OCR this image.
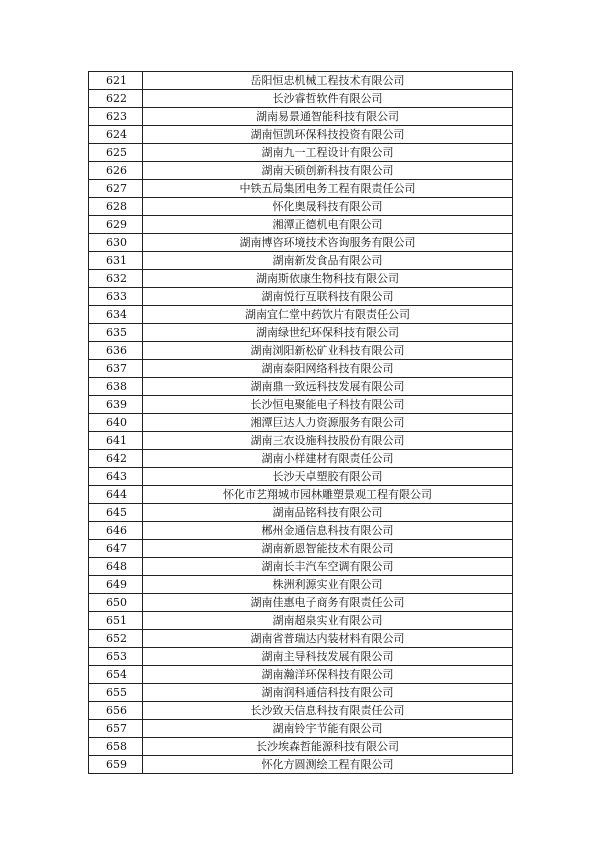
621	岳阳恒忠机械工程技术有限公司
622	长沙睿哲软件有限公司
623	湖南易景通智能科技有限公司
624	湖南恒凯环保科技投资有限公司
625	湖南九一工程设计有限公司
626	湖南天硕创新科技有限公司
627	中铁五局集团电务工程有限责任公司
628	怀化奥晟科技有限公司
629	湘潭正德机电有限公司
630	湖南博咨环境技术咨询服务有限公司
631	湖南新发食品有限公司
632	湖南斯依康生物科技有限公司
633	湖南悦行互联科技有限公司
634	湖南宜仁堂中药饮片有限责任公司
635	湖南绿世纪环保科技有限公司
636	湖南浏阳新松矿业科技有限公司
637	湖南泰阳网络科技有限公司
638	湖南鼎一致远科技发展有限公司
639	长沙恒电聚能电子科技有限公司
640	湘潭巨达人力资源服务有限公司
641	湖南三农设施科技股份有限公司
642	湖南小样建材有限责任公司
643	长沙天卓塑胶有限公司
644	怀化市艺翔城市园林雕塑景观工程有限公司
645	湖南品铭科技有限公司
646	郴州金通信息科技有限公司
647	湖南新恩智能技术有限公司
648	湖南长丰汽车空调有限公司
649	株洲利源实业有限公司
650	湖南佳惠电子商务有限责任公司
651	湖南超泉实业有限公司
652	湖南省普瑞达内装材料有限公司
653	湖南主导科技发展有限公司
654	湖南瀚洋环保科技有限公司
655	湖南润科通信科技有限公司
656	长沙致天信息科技有限责任公司
657	湖南铃宇节能有限公司
658	长沙埃森哲能源科技有限公司
659	怀化方圆测绘工程有限公司
